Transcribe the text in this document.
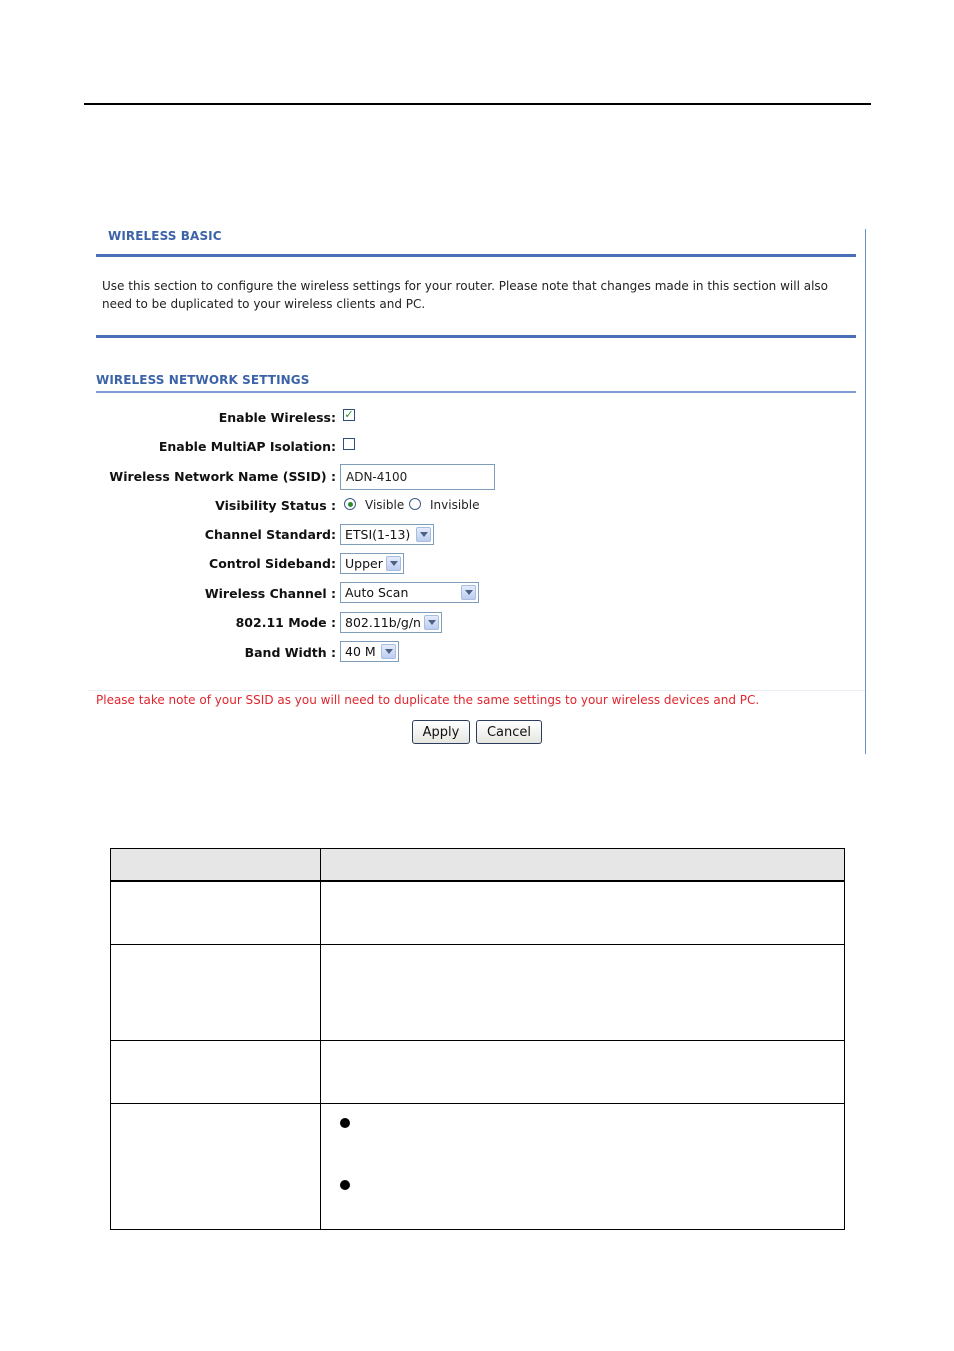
WIRELESS BASIC
Use this section to configure the wireless settings for your router. Please note that changes made in this section will also need to be duplicated to your wireless clients and PC.
WIRELESS NETWORK SETTINGS
Enable Wireless: ✓
Enable MultiAP Isolation:
Wireless Network Name (SSID) :
ADN-4100
Visibility Status : Visible Invisible
Channel Standard: ETSI(1-13)
Control Sideband: Upper
Wireless Channel : Auto Scan
802.11 Mode : 802.11b/g/n
Band Width : 40 M
Please take note of your SSID as you will need to duplicate the same settings to your wireless devices and PC.
Apply	Cancel
